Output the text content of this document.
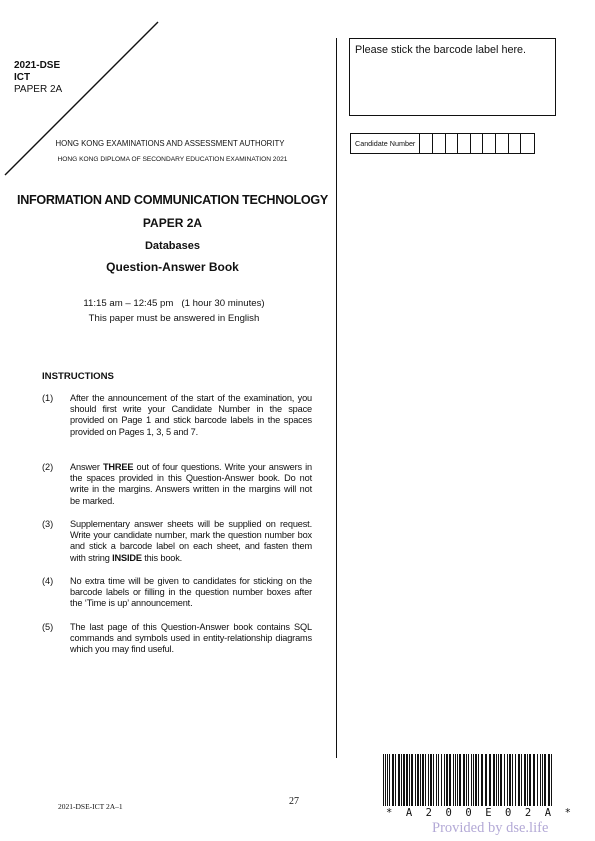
2021-DSE
ICT
PAPER 2A
HONG KONG EXAMINATIONS AND ASSESSMENT AUTHORITY
HONG KONG DIPLOMA OF SECONDARY EDUCATION EXAMINATION 2021
INFORMATION AND COMMUNICATION TECHNOLOGY
PAPER 2A
Databases
Question-Answer Book
11:15 am – 12:45 pm   (1 hour 30 minutes)
This paper must be answered in English
INSTRUCTIONS
(1) After the announcement of the start of the examination, you should first write your Candidate Number in the space provided on Page 1 and stick barcode labels in the spaces provided on Pages 1, 3, 5 and 7.
(2) Answer THREE out of four questions. Write your answers in the spaces provided in this Question-Answer book. Do not write in the margins. Answers written in the margins will not be marked.
(3) Supplementary answer sheets will be supplied on request. Write your candidate number, mark the question number box and stick a barcode label on each sheet, and fasten them with string INSIDE this book.
(4) No extra time will be given to candidates for sticking on the barcode labels or filling in the question number boxes after the ‘Time is up’ announcement.
(5) The last page of this Question-Answer book contains SQL commands and symbols used in entity-relationship diagrams which you may find useful.
Please stick the barcode label here.
Candidate Number
2021-DSE-ICT 2A–1	27
* A 2 0 0 E 0 2 A *
Provided by dse.life
